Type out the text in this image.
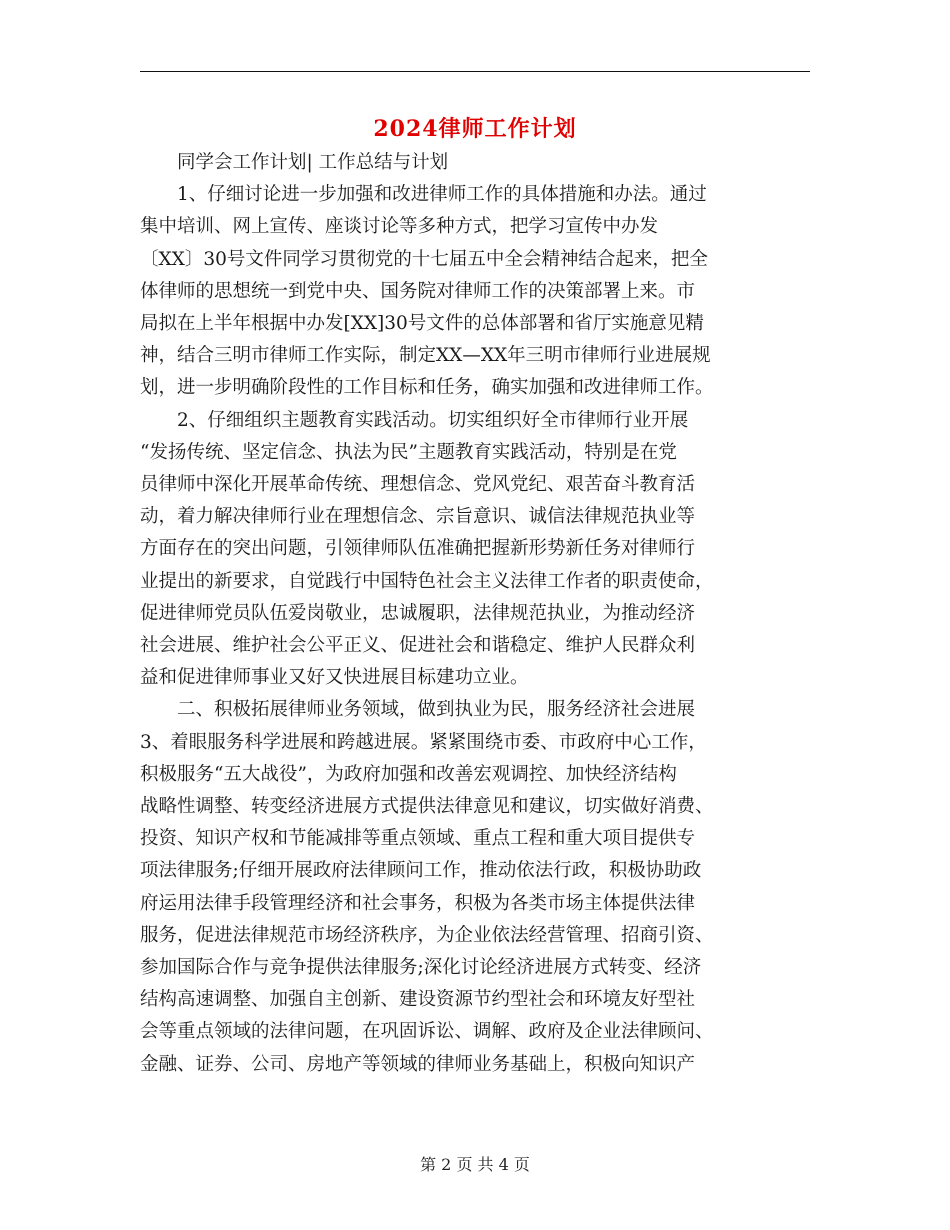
2024律师工作计划

　　同学会工作计划| 工作总结与计划

　　1、仔细讨论进一步加强和改进律师工作的具体措施和办法。通过

集中培训、网上宣传、座谈讨论等多种方式，把学习宣传中办发

〔XX〕30号文件同学习贯彻党的十七届五中全会精神结合起来，把全

体律师的思想统一到党中央、国务院对律师工作的决策部署上来。市

局拟在上半年根据中办发[XX]30号文件的总体部署和省厅实施意见精

神，结合三明市律师工作实际，制定XX—XX年三明市律师行业进展规

划，进一步明确阶段性的工作目标和任务，确实加强和改进律师工作。

　　2、仔细组织主题教育实践活动。切实组织好全市律师行业开展

“发扬传统、坚定信念、执法为民”主题教育实践活动，特别是在党

员律师中深化开展革命传统、理想信念、党风党纪、艰苦奋斗教育活

动，着力解决律师行业在理想信念、宗旨意识、诚信法律规范执业等

方面存在的突出问题，引领律师队伍准确把握新形势新任务对律师行

业提出的新要求，自觉践行中国特色社会主义法律工作者的职责使命，

促进律师党员队伍爱岗敬业，忠诚履职，法律规范执业，为推动经济

社会进展、维护社会公平正义、促进社会和谐稳定、维护人民群众利

益和促进律师事业又好又快进展目标建功立业。

　　二、积极拓展律师业务领域，做到执业为民，服务经济社会进展

3、着眼服务科学进展和跨越进展。紧紧围绕市委、市政府中心工作，

积极服务“五大战役”，为政府加强和改善宏观调控、加快经济结构

战略性调整、转变经济进展方式提供法律意见和建议，切实做好消费、

投资、知识产权和节能减排等重点领域、重点工程和重大项目提供专

项法律服务;仔细开展政府法律顾问工作，推动依法行政，积极协助政

府运用法律手段管理经济和社会事务，积极为各类市场主体提供法律

服务，促进法律规范市场经济秩序，为企业依法经营管理、招商引资、

参加国际合作与竞争提供法律服务;深化讨论经济进展方式转变、经济

结构高速调整、加强自主创新、建设资源节约型社会和环境友好型社

会等重点领域的法律问题，在巩固诉讼、调解、政府及企业法律顾问、

金融、证券、公司、房地产等领域的律师业务基础上，积极向知识产

第 2 页 共 4 页
